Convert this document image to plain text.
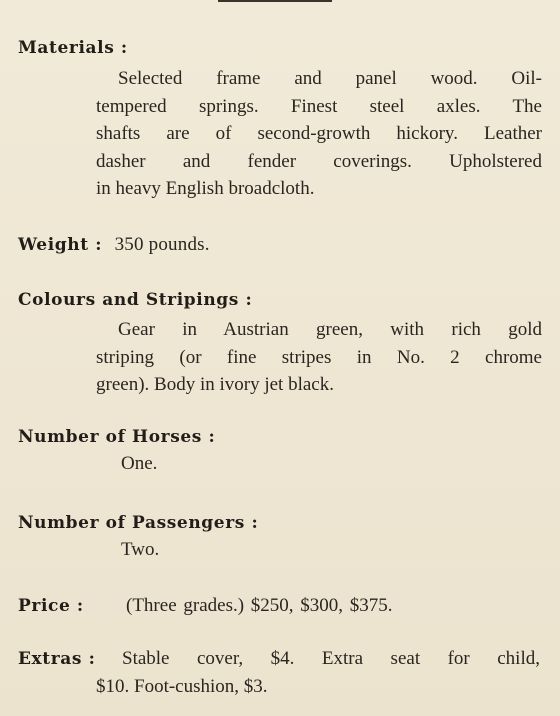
Materials :
Selected frame and panel wood. Oil-
tempered springs. Finest steel axles. The
shafts are of second-growth hickory. Leather
dasher and fender coverings. Upholstered
in heavy English broadcloth.
Weight : 350 pounds.
Colours and Stripings :
Gear in Austrian green, with rich gold
striping (or fine stripes in No. 2 chrome
green). Body in ivory jet black.
Number of Horses :
One.
Number of Passengers :
Two.
Price : (Three grades.) $250, $300, $375.
Extras :	Stable cover, $4. Extra seat for child,
$10. Foot-cushion, $3.
